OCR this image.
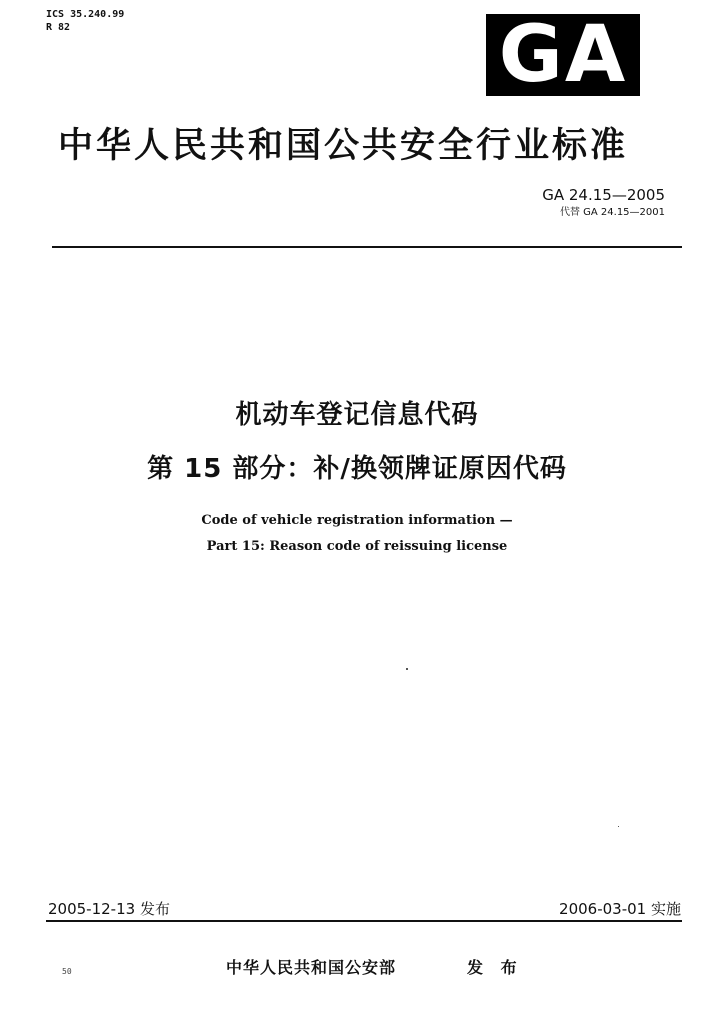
ICS 35.240.99
R 82	GA
中华人民共和国公共安全行业标准
GA 24.15—2005
代替 GA 24.15—2001
机动车登记信息代码
第 15 部分：补/换领牌证原因代码
Code of vehicle registration information —
Part 15: Reason code of reissuing license
2005-12-13 发布	2006-03-01 实施
中华人民共和国公安部	发 布
50
